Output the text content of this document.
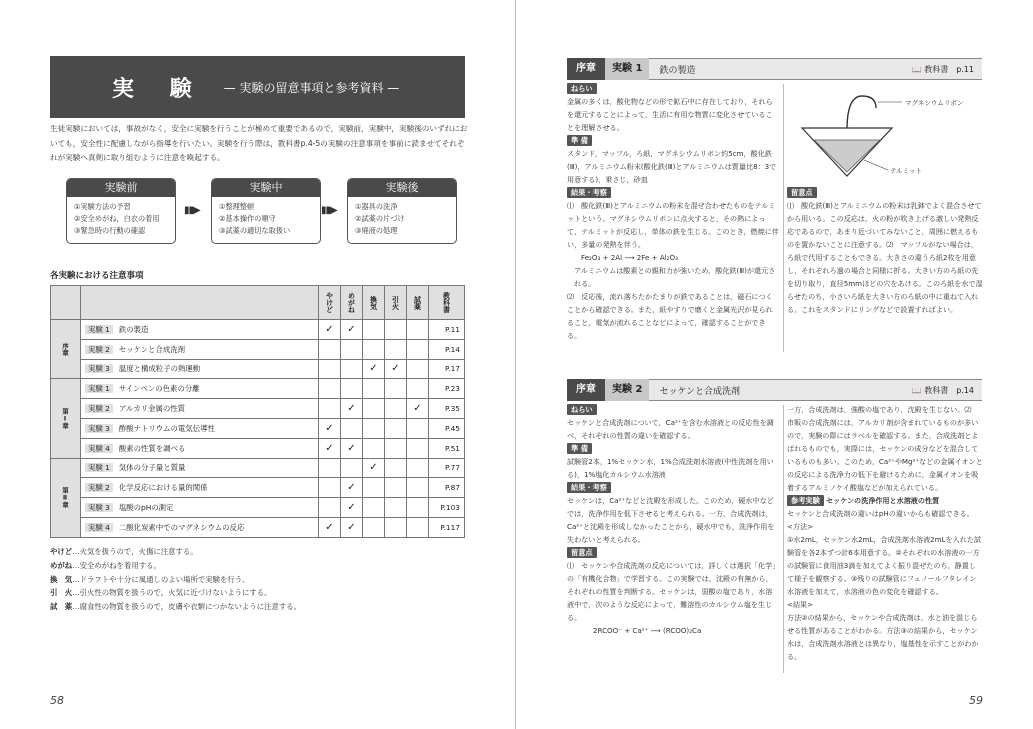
実 験 — 実験の留意事項と参考資料 —

生徒実験においては，事故がなく，安全に実験を行うことが極めて重要であるので，実験前，実験中，実験後のいずれにおいても，安全性に配慮しながら指導を行いたい。実験を行う際は，教科書p.4-5の実験の注意事項を事前に読ませてそれぞれが実験へ真剣に取り組むように注意を喚起する。

実験前
①実験方法の予習
②安全めがね，白衣の着用
③緊急時の行動の確認
▮▮▶
実験中
①整理整頓
②基本操作の順守
③試薬の適切な取扱い
▮▮▶
実験後
①器具の洗浄
②試薬の片づけ
③廃液の処理
各実験における注意事項
		やけど	めがね	換気	引火	試薬	教科書
序章	実験 1 鉄の製造	✓	✓				P.11
	実験 2 セッケンと合成洗剤						P.14
	実験 3 温度と構成粒子の熱運動			✓	✓		P.17
第Ⅰ章	実験 1 サインペンの色素の分離						P.23
	実験 2 アルカリ金属の性質		✓			✓	P.35
	実験 3 酢酸ナトリウムの電気伝導性	✓					P.45
	実験 4 酸素の性質を調べる	✓	✓				P.51
第Ⅱ章	実験 1 気体の分子量と質量			✓			P.77
	実験 2 化学反応における量的関係		✓				P.87
	実験 3 塩酸のpHの測定		✓				P.103
	実験 4 二酸化炭素中でのマグネシウムの反応	✓	✓				P.117
やけど…火気を扱うので，火傷に注意する。
めがね…安全めがねを着用する。
換　気…ドラフトや十分に風通しのよい場所で実験を行う。
引　火…引火性の物質を扱うので，火気に近づけないようにする。
試　薬…腐食性の物質を扱うので，皮膚や衣類につかないように注意する。
58
序章	実験 1	鉄の製造	📖 教科書　p.11
ねらい

金属の多くは，酸化物などの形で鉱石中に存在しており，それらを還元することによって，生活に有用な物質に変化させていることを理解させる。

準 備

スタンド，マッフル，ろ紙，マグネシウムリボン約5cm，酸化鉄(Ⅲ)，アルミニウム粉末(酸化鉄(Ⅲ)とアルミニウムは質量比8：3で用意する)，乗さじ，砂皿

結果・考察

⑴　酸化鉄(Ⅲ)とアルミニウムの粉末を混ぜ合わせたものをテルミットという。マグネシウムリボンに点火すると，その熱によって，テルミットが反応し，単体の鉄を生じる。このとき，燃焼に伴い，多量の発熱を伴う。

Fe₂O₃ + 2Al ⟶ 2Fe + Al₂O₃

アルミニウムは酸素との親和力が強いため，酸化鉄(Ⅲ)が還元される。

⑵　反応後，流れ落ちたかたまりが鉄であることは，磁石につくことから確認できる。また，紙やすりで磨くと金属光沢が見られること，電気が流れることなどによって，確認することができる。

マグネシウムリボン
テルミット
留意点

⑴　酸化鉄(Ⅲ)とアルミニウムの粉末は乳鉢でよく混合させてから用いる。この反応は，火の粉が吹き上げる激しい発熱反応であるので，あまり近づいてみないこと，周囲に燃えるものを置かないことに注意する。⑵　マッフルがない場合は，ろ紙で代用することもできる。大きさの違うろ紙2枚を用意し，それぞれろ過の場合と同様に折る。大きい方のろ紙の先を切り取り，直径5mmほどの穴をあける。このろ紙を水で湿らせたのち，小さいろ紙を大きい方のろ紙の中に重ねて入れる。これをスタンドにリングなどで設置すればよい。

序章	実験 2	セッケンと合成洗剤	📖 教科書　p.14
ねらい

セッケンと合成洗剤について，Ca²⁺を含む水溶液との反応性を調べ，それぞれの性質の違いを確認する。

準 備

試験管2本，1%セッケン水，1%合成洗剤水溶液(中性洗剤を用いる)，1%塩化カルシウム水溶液

結果・考察

セッケンは，Ca²⁺などと沈殿を形成した。このため，硬水中などでは，洗浄作用を低下させると考えられる。一方，合成洗剤は，Ca²⁺と沈殿を形成しなかったことから，硬水中でも，洗浄作用を失わないと考えられる。

留意点

⑴　セッケンや合成洗剤の反応については，詳しくは選択「化学」の「有機化合物」で学習する。この実験では，沈殿の有無から，それぞれの性質を判断する。セッケンは，弱酸の塩であり，水溶液中で，次のような反応によって，難溶性のカルシウム塩を生じる。

2RCOO⁻ + Ca²⁺ ⟶ (RCOO)₂Ca

一方，合成洗剤は，強酸の塩であり，沈殿を生じない。⑵　市販の合成洗剤には，アルカリ剤が含まれているものが多いので，実験の際にはラベルを確認する。また，合成洗剤とよばれるものでも，実際には，セッケンの成分などを混合しているものも多い。このため，Ca²⁺やMg²⁺などの金属イオンとの反応による洗浄力の低下を避けるために，金属イオンを吸着するアルミノケイ酸塩などが加えられている。

参考実験 セッケンの洗浄作用と水溶液の性質

セッケンと合成洗剤の違いはpHの違いからも確認できる。

<方法>

①水2mL，セッケン水2mL，合成洗剤水溶液2mLを入れた試験管を各2本ずつ計6本用意する。②それぞれの水溶液の一方の試験管に食用油3滴を加えてよく振り混ぜたのち，静置して様子を観察する。③残りの試験管にフェノールフタレイン水溶液を加えて，水溶液の色の変化を確認する。

<結果>

方法②の結果から，セッケンや合成洗剤は，水と油を混じらせる性質があることがわかる。方法③の結果から，セッケン水は，合成洗剤水溶液とは異なり，塩基性を示すことがわかる。

59
